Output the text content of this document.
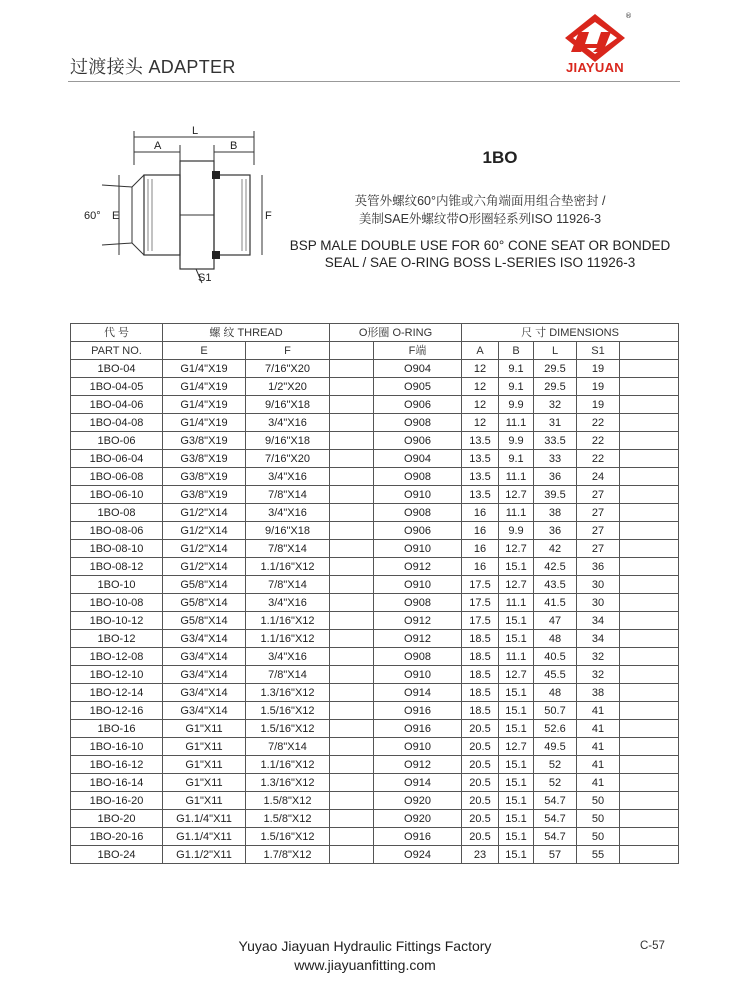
过渡接头 ADAPTER
®
JIAYUAN
L
A	B
E	F
S1
60°
1BO
英管外螺纹60°内锥或六角端面用组合垫密封 /
美制SAE外螺纹带O形圈轻系列ISO 11926-3
BSP MALE DOUBLE USE FOR 60° CONE SEAT OR BONDED
SEAL / SAE O-RING BOSS L-SERIES ISO 11926-3
代 号	螺 纹 THREAD		O形圈 O-RING		尺 寸 DIMENSIONS				
PART NO.	E	F		F端	A	B	L	S1	
1BO-04	G1/4"X19	7/16"X20		O904	12	9.1	29.5	19	
1BO-04-05	G1/4"X19	1/2"X20		O905	12	9.1	29.5	19	
1BO-04-06	G1/4"X19	9/16"X18		O906	12	9.9	32	19	
1BO-04-08	G1/4"X19	3/4"X16		O908	12	11.1	31	22	
1BO-06	G3/8"X19	9/16"X18		O906	13.5	9.9	33.5	22	
1BO-06-04	G3/8"X19	7/16"X20		O904	13.5	9.1	33	22	
1BO-06-08	G3/8"X19	3/4"X16		O908	13.5	11.1	36	24	
1BO-06-10	G3/8"X19	7/8"X14		O910	13.5	12.7	39.5	27	
1BO-08	G1/2"X14	3/4"X16		O908	16	11.1	38	27	
1BO-08-06	G1/2"X14	9/16"X18		O906	16	9.9	36	27	
1BO-08-10	G1/2"X14	7/8"X14		O910	16	12.7	42	27	
1BO-08-12	G1/2"X14	1.1/16"X12		O912	16	15.1	42.5	36	
1BO-10	G5/8"X14	7/8"X14		O910	17.5	12.7	43.5	30	
1BO-10-08	G5/8"X14	3/4"X16		O908	17.5	11.1	41.5	30	
1BO-10-12	G5/8"X14	1.1/16"X12		O912	17.5	15.1	47	34	
1BO-12	G3/4"X14	1.1/16"X12		O912	18.5	15.1	48	34	
1BO-12-08	G3/4"X14	3/4"X16		O908	18.5	11.1	40.5	32	
1BO-12-10	G3/4"X14	7/8"X14		O910	18.5	12.7	45.5	32	
1BO-12-14	G3/4"X14	1.3/16"X12		O914	18.5	15.1	48	38	
1BO-12-16	G3/4"X14	1.5/16"X12		O916	18.5	15.1	50.7	41	
1BO-16	G1"X11	1.5/16"X12		O916	20.5	15.1	52.6	41	
1BO-16-10	G1"X11	7/8"X14		O910	20.5	12.7	49.5	41	
1BO-16-12	G1"X11	1.1/16"X12		O912	20.5	15.1	52	41	
1BO-16-14	G1"X11	1.3/16"X12		O914	20.5	15.1	52	41	
1BO-16-20	G1"X11	1.5/8"X12		O920	20.5	15.1	54.7	50	
1BO-20	G1.1/4"X11	1.5/8"X12		O920	20.5	15.1	54.7	50	
1BO-20-16	G1.1/4"X11	1.5/16"X12		O916	20.5	15.1	54.7	50	
1BO-24	G1.1/2"X11	1.7/8"X12		O924	23	15.1	57	55	
Yuyao Jiayuan Hydraulic Fittings Factory
www.jiayuanfitting.com
C-57
